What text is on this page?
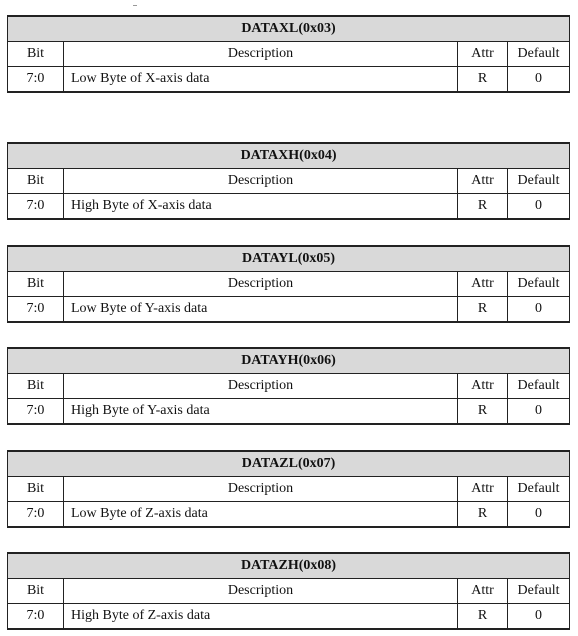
DATAXL(0x03)			
Bit	Description	Attr	Default
7:0	Low Byte of X-axis data	R	0
DATAXH(0x04)			
Bit	Description	Attr	Default
7:0	High Byte of X-axis data	R	0
DATAYL(0x05)			
Bit	Description	Attr	Default
7:0	Low Byte of Y-axis data	R	0
DATAYH(0x06)			
Bit	Description	Attr	Default
7:0	High Byte of Y-axis data	R	0
DATAZL(0x07)			
Bit	Description	Attr	Default
7:0	Low Byte of Z-axis data	R	0
DATAZH(0x08)			
Bit	Description	Attr	Default
7:0	High Byte of Z-axis data	R	0
